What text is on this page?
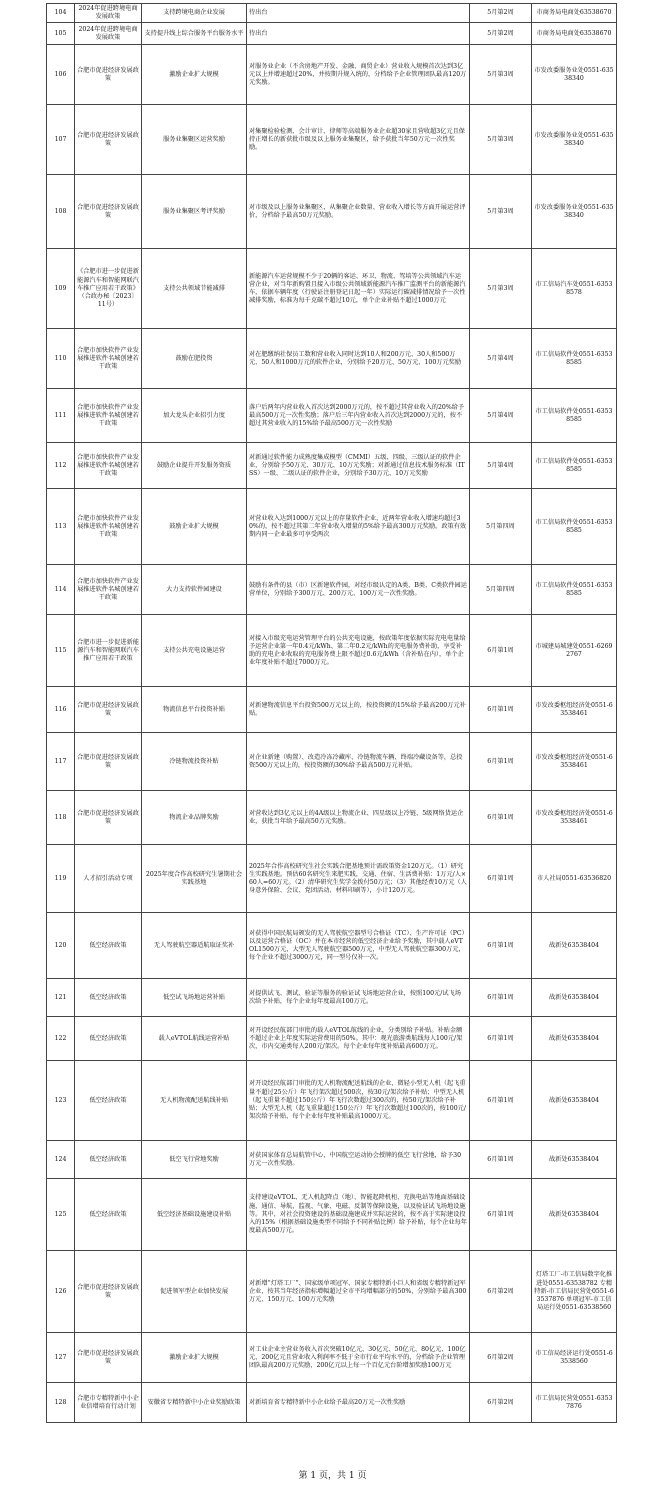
104	2024年促进跨境电商发展政策	支持跨境电商企业发展	待出台	5月第2周	市商务局电商处63538670
105	2024年促进跨境电商发展政策	支持提升线上综合服务平台服务水平	待出台	5月第2周	市商务局电商处63538670
106	合肥市促进经济发展政策	激励企业扩大规模	对服务业企业（不含房地产开发、金融、商贸企业）营业收入规模首次达到3亿元以上并增速超过20%，并按期升规入统的，分档给予企业管理团队最高120万元奖励。	5月第3周	市发改委服务业处0551-63538340
107	合肥市促进经济发展政策	服务业集聚区运营奖励	对集聚检验检测、会计审计、律师等高端服务业企业超30家且营收超3亿元且保持正增长的新获批市级及以上服务业集聚区，给予获批当年50万元一次性奖励。	5月第3周	市发改委服务业处0551-63538340
108	合肥市促进经济发展政策	服务业集聚区考评奖励	对市级及以上服务业集聚区，从集聚企业数量、营业收入增长等方面开展运营评价，分档给予最高50万元奖励。	5月第3周	市发改委服务业处0551-63538340
109	《合肥市进一步促进新能源汽车和智能网联汽车推广应用若干政策》（合政办秘〔2023〕11号）	支持公共领域节能减排	新能源汽车运营规模不少于20辆的客运、环卫、物流、驾培等公共领域汽车运营企业，对当年新购置且接入市级公共领域新能源汽车推广监测平台的新能源汽车，依据车辆年度（行驶证注册登记日起一年）实际运行碳减排情况给予一次性减排奖励，标准为每千克碳不超过10元，单个企业补贴不超过1000万元	5月第3周	市工信局汽车处0551-63538578
110	合肥市加快软件产业发展推进软件名城创建若干政策	鼓励在肥投资	对在肥缴纳社保员工数和营业收入同时达到10人和200万元、30人和500万元、50人和1000万元的软件企业，分别给予20万元、50万元、100万元奖励	5月第4周	市工信局软件处0551-63538585
111	合肥市加快软件产业发展推进软件名城创建若干政策	加大龙头企业招引力度	落户后两年内营业收入首次达到2000万元的，按不超过其营业收入的20%给予最高500万元一次性奖励；落户后三年内营业收入首次达到2000万元的，按不超过其营业收入的15%给予最高500万元一次性奖励	5月第4周	市工信局软件处0551-63538585
112	合肥市加快软件产业发展推进软件名城创建若干政策	鼓励企业提升开发服务资质	对新通过软件能力成熟度集成模型（CMMI）五级、四级、三级认证的软件企业，分别给予50万元、30万元、10万元奖励；对新通过信息技术服务标准（ITSS）一级、二级认证的软件企业，分别给予30万元、10万元奖励	5月第4周	市工信局软件处0551-63538585
113	合肥市加快软件产业发展推进软件名城创建若干政策	鼓励企业扩大规模	对营业收入达到1000万元以上的存量软件企业，近两年营业收入增速均超过30%的，按不超过其第二年营业收入增量的5%给予最高300万元奖励。政策有效期内同一企业最多可享受两次	5月第四周	市工信局软件处0551-63538585
114	合肥市加快软件产业发展推进软件名城创建若干政策	大力支持软件园建设	鼓励有条件的县（市）区新建软件园，对经市级认定的A类、B类、C类软件园运营单位，分别给予300万元、200万元、100万元一次性奖励。	5月第四周	市工信局软件处0551-63538585
115	合肥市进一步促进新能源汽车和智能网联汽车推广应用若干政策	支持公共充电设施运营	对接入市级充电运营管理平台的公共充电设施，按政策年度依据实际充电电量给予运营企业第一年0.4元/kWh、第二年0.2元/kWh的充电服务费补助，享受补助的充电企业收取的充电服务费上限不超过0.6元/kWh（含补贴在内），单个企业年度补贴不超过7000万元。	6月第1周	市城建局城建处0551-62692767
116	合肥市促进经济发展政策	物流信息平台投资补贴	对新建物流信息平台投资500万元以上的，按投资额的15%给予最高200万元补贴。	6月第1周	市发改委枢纽经济处0551-63538461
117	合肥市促进经济发展政策	冷链物流投资补贴	对企业新建（购置）、改造冷冻冷藏库、冷链物流车辆、终端冷藏设备等，总投资500万元以上的，按投资额的30%给予最高500万元补贴。	6月第1周	市发改委枢纽经济处0551-63538461
118	合肥市促进经济发展政策	物流企业品牌奖励	对营收达到3亿元以上的4A级以上物流企业、四星级以上冷链、5级网络货运企业，获批当年给予最高50万元奖励。	6月第1周	市发改委枢纽经济处0551-63538461
119	人才招引活动专项	2025年度合作高校研究生暑期社会实践基地	2025年合作高校研究生社会实践合肥基地预计需政策资金120万元。（1）研究生实践基地。预估60名研究生来肥实践，交通、住宿、生活费补贴：1万元/人×60人=60万元。（2）清华研究生奖学金拨付50万元；（3）其他经费10万元（人身意外保险、会议、党团活动、材料印刷等），小计120万元。	6月第1周	市人社局0551-63536820
120	低空经济政策	无人驾驶航空器适航取证奖补	对获得中国民航局颁发的无人驾驶航空器型号合格证（TC）、生产许可证（PC）以及运营合格证（OC）并在本市经营的低空经济企业给予奖励，其中载人eVTOL1500万元，大型无人驾驶航空器500万元，中型无人驾驶航空器300万元，每个企业不超过3000万元，同一型号仅补一次。	6月第1周	战新处63538404
121	低空经济政策	低空试飞场地运营补贴	对提供试飞、测试、验证等服务的验证试飞场地运营企业，按照100元/试飞场次给予补贴，每个企业每年度最高100万元。	6月第1周	战新处63538404
122	低空经济政策	载人eVTOL航线运营补贴	对开设经民航部门审批的载人eVTOL航线的企业，分类别给予补贴。补贴金额不超过企业上年度实际运营费用的50%。其中：观光旅游类航线每人100元/架次，市内交通类每人200元/架次。每个企业每年度补贴最高600万元。	6月第1周	战新处63538404
123	低空经济政策	无人机物流配送航线补贴	对开设经民航部门审批的无人机物流配送航线的企业，微轻小型无人机（起飞重量不超过25公斤）年飞行架次超过500次，按30元/架次给予补贴；中型无人机（起飞重量不超过150公斤）年飞行次数超过300次的，按50元/架次给予补贴；大型无人机（起飞重量超过150公斤）年飞行次数超过100次的，按100元/架次给予补贴，每个企业每年度补贴最高1000万元。	6月第1周	战新处63538404
124	低空经济政策	低空飞行营地奖励	对获国家体育总局航管中心、中国航空运动协会授牌的低空飞行营地，给予30万元一次性奖励。	6月第1周	战新处63538404
125	低空经济政策	低空经济基础设施建设补贴	支持建设eVTOL、无人机起降点（地）、智能起降机柜、充换电站等地面基础设施，通信、导航、监视、气象、电磁、反制等保障设施，以及验证试飞场地设施等。其中，对社会投资建设的基础设施建成并实际运营的，按不高于实际建设投入的15%（根据基础设施类型不同给予不同补贴比例）给予补贴，每个企业每年度最高500万元。	6月第1周	战新处63538404
126	合肥市促进经济发展政策	促进领军型企业加快发展	对新增“灯塔工厂”、国家级单项冠军、国家专精特新小巨人和省级专精特新冠军企业，按其当年经济指标增幅超过全市平均增幅部分的50%，分别给予最高300万元、150万元、100万元奖励	6月第2周	灯塔工厂-市工信局数字化推进处0551-63538782 专精特新-市工信局民营处0551-63537876 单项冠军-市工信局运行处0551-63538560
127	合肥市促进经济发展政策	激励企业扩大规模	对工业企业主营业务收入首次突破10亿元、30亿元、50亿元、80亿元、100亿元、200亿元且营业收入利润率不低于全市行业平均水平的，分档给予企业管理团队最高200万元奖励，200亿元以上每一个百亿元台阶增加奖励100万元	6月第2周	市工信局经济运行处0551-63538560
128	合肥市专精特新中小企业倍增培育行动计划	安徽省专精特新中小企业奖励政策	对新培育省专精特新中小企业给予最高20万元一次性奖励	6月第2周	市工信局民营处0551-63537876
第 1 页，共 1 页
